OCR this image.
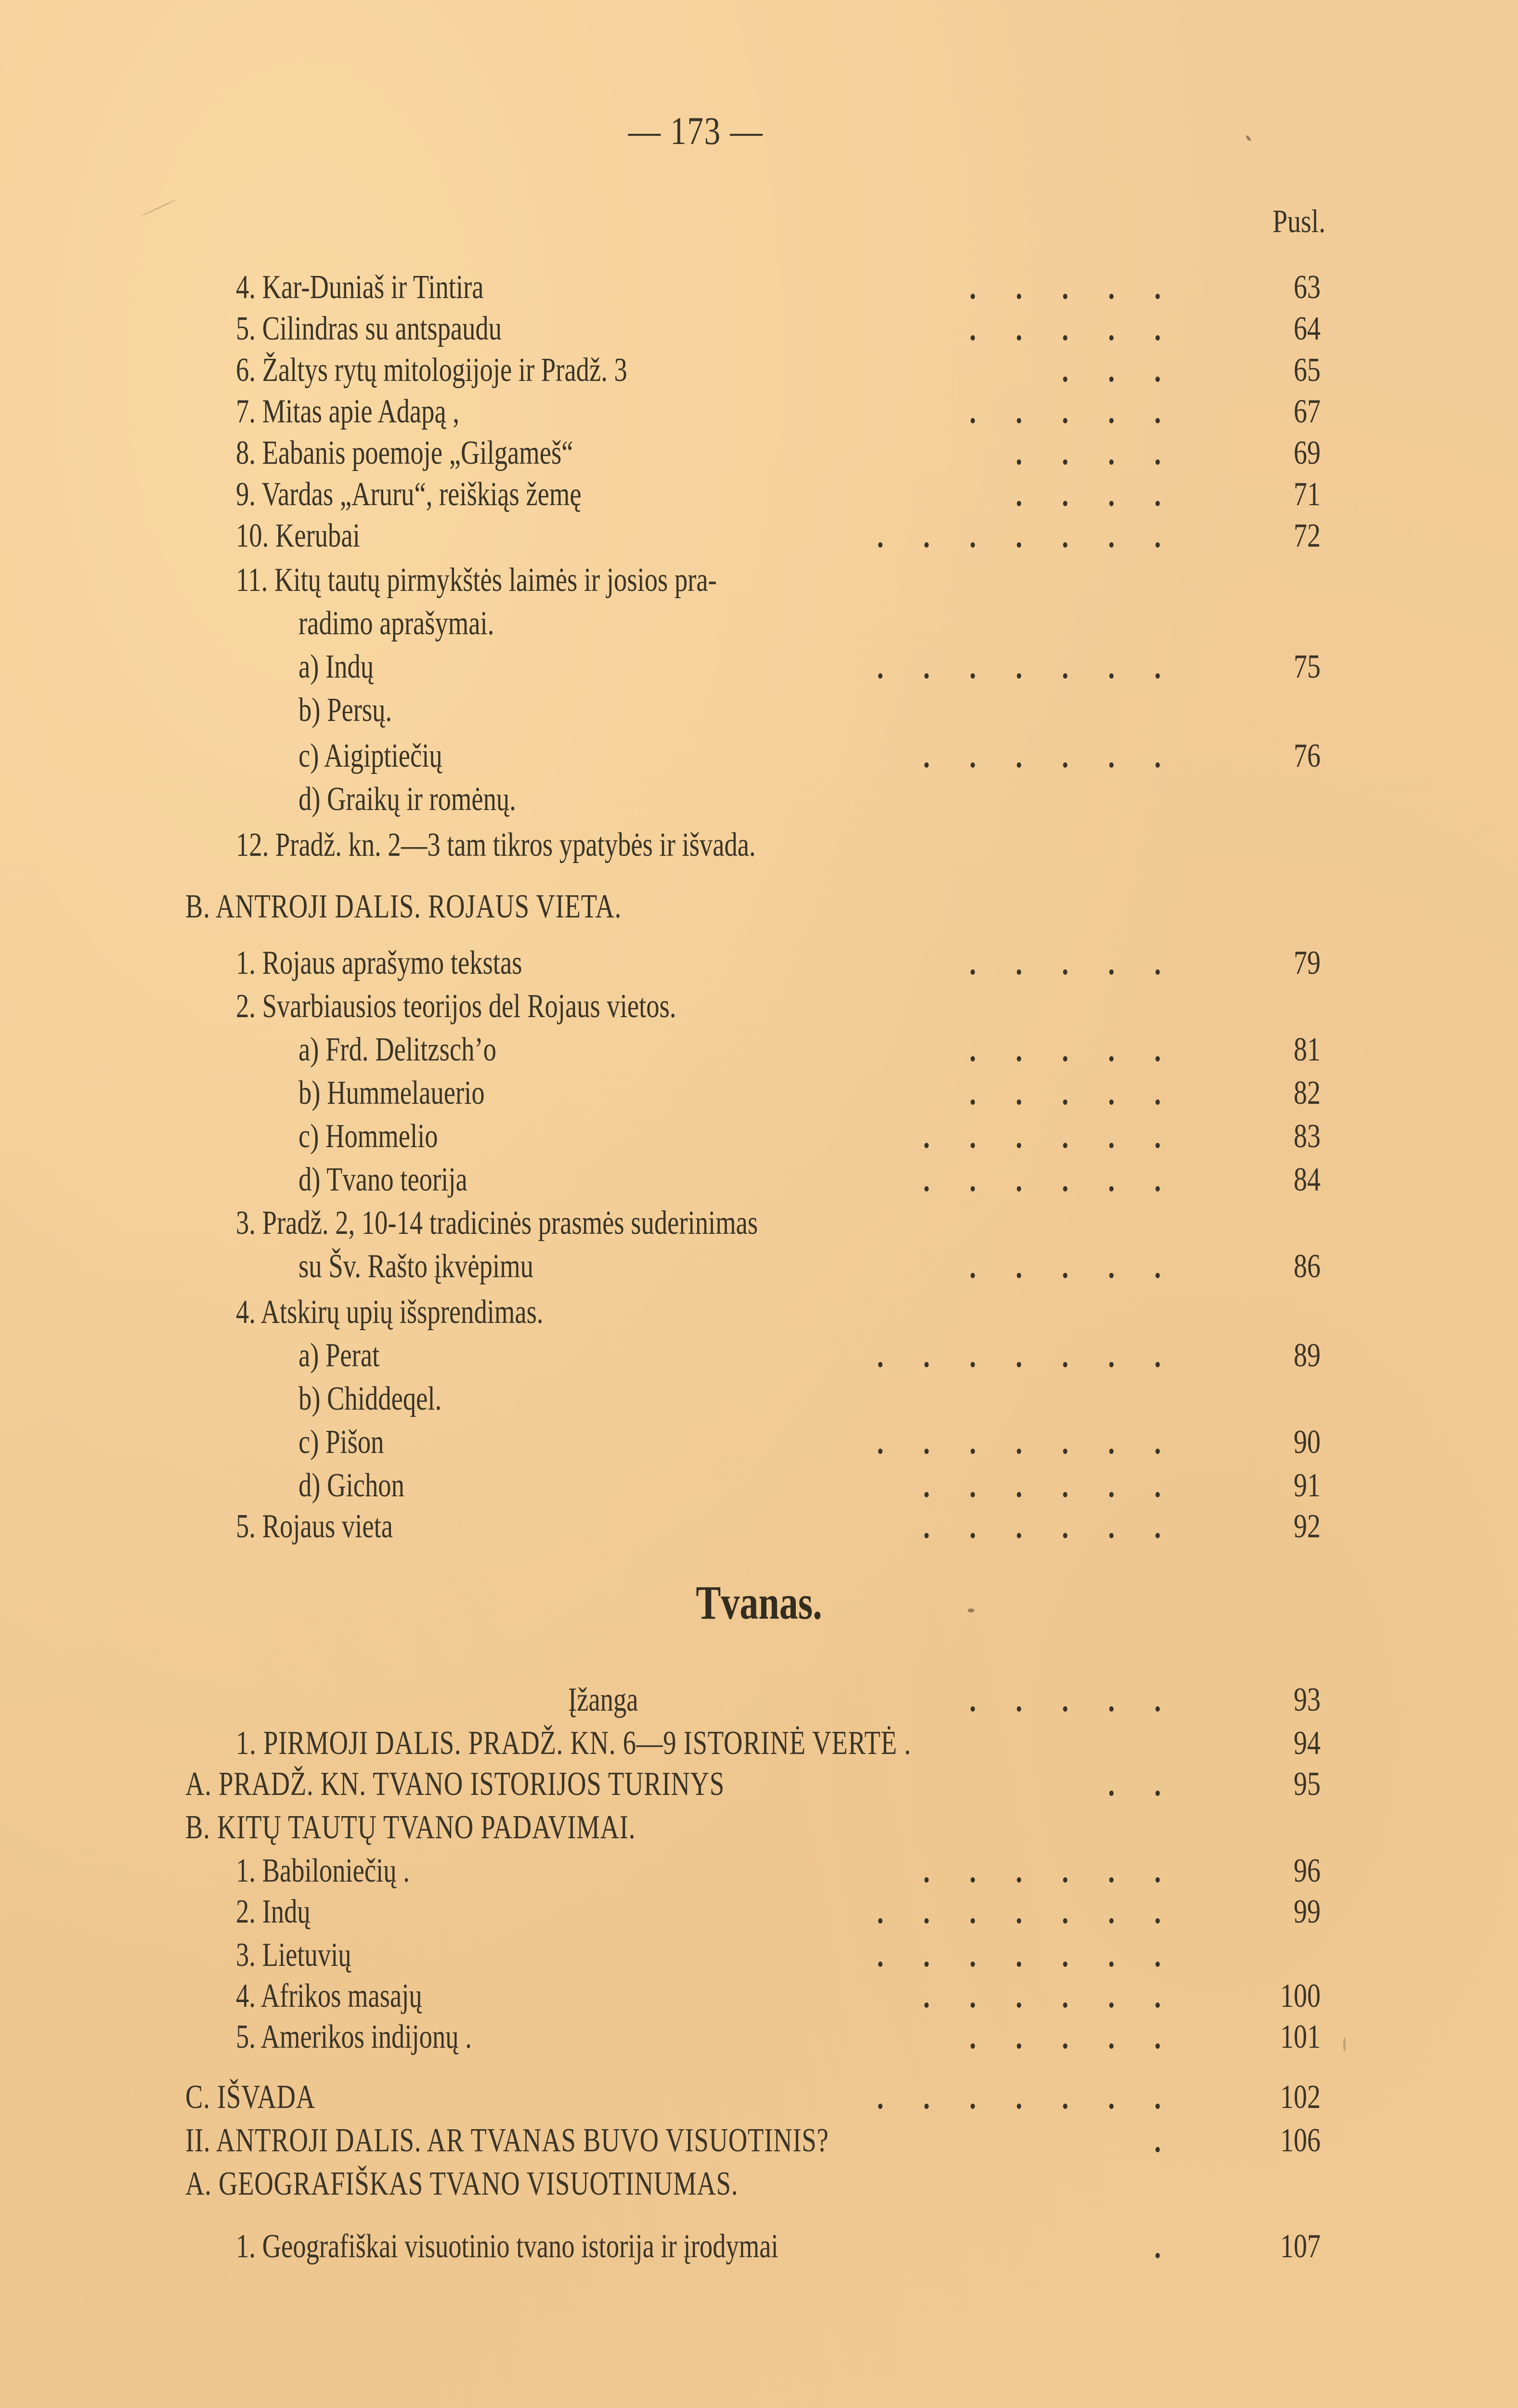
— 173 —
Pusl.
4. Kar-Duniaš ir Tintira	63
5. Cilindras su antspaudu	64
6. Žaltys rytų mitologijoje ir Pradž. 3	65
7. Mitas apie Adapą ,	67
8. Eabanis poemoje „Gilgameš“	69
9. Vardas „Aruru“, reiškiąs žemę	71
10. Kerubai	72
11. Kitų tautų pirmykštės laimės ir josios pra-
radimo aprašymai.
a) Indų	75
b) Persų.
c) Aigiptiečių	76
d) Graikų ir romėnų.
12. Pradž. kn. 2—3 tam tikros ypatybės ir išvada.
B. ANTROJI DALIS. ROJAUS VIETA.
1. Rojaus aprašymo tekstas	79
2. Svarbiausios teorijos del Rojaus vietos.
a) Frd. Delitzsch’o	81
b) Hummelauerio	82
c) Hommelio	83
d) Tvano teorija	84
3. Pradž. 2, 10-14 tradicinės prasmės suderinimas
su Šv. Rašto įkvėpimu	86
4. Atskirų upių išsprendimas.
a) Perat	89
b) Chiddeqel.
c) Pišon	90
d) Gichon	91
5. Rojaus vieta	92
Įžanga	93
1. PIRMOJI DALIS. PRADŽ. KN. 6—9 ISTORINĖ VERTĖ .	94
A. PRADŽ. KN. TVANO ISTORIJOS TURINYS	95
B. KITŲ TAUTŲ TVANO PADAVIMAI.
1. Babiloniečių .	96
2. Indų	99
3. Lietuvių
4. Afrikos masajų	100
5. Amerikos indijonų .	101
C. IŠVADA	102
II. ANTROJI DALIS. AR TVANAS BUVO VISUOTINIS?	106
A. GEOGRAFIŠKAS TVANO VISUOTINUMAS.
1. Geografiškai visuotinio tvano istorija ir įrodymai	107
Tvanas.
